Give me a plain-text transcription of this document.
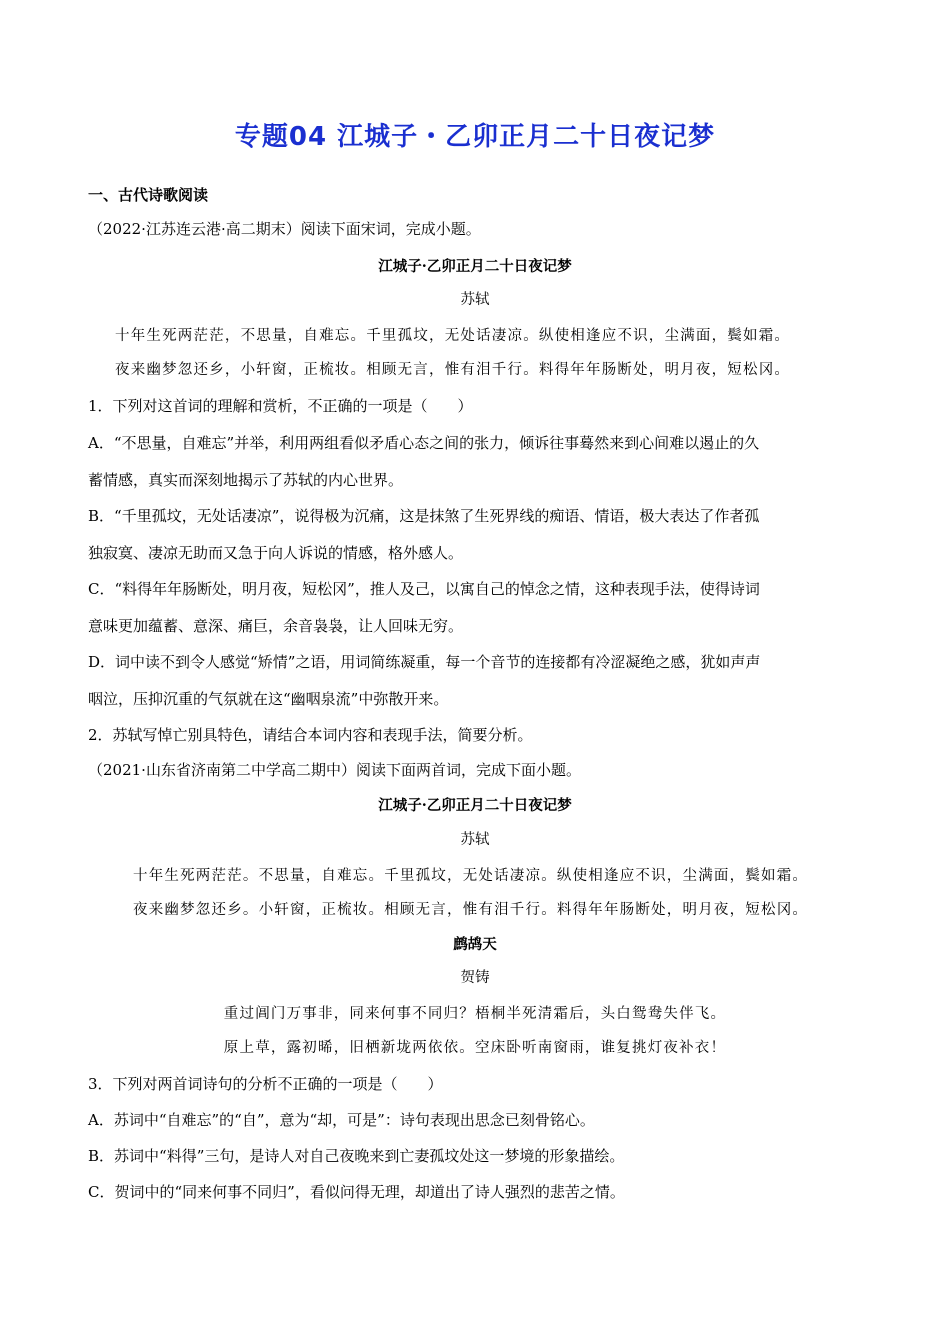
专题04 江城子・乙卯正月二十日夜记梦
一、古代诗歌阅读
（2022·江苏连云港·高二期末）阅读下面宋词，完成小题。
江城子·乙卯正月二十日夜记梦
苏轼
十年生死两茫茫，不思量，自难忘。千里孤坟，无处话凄凉。纵使相逢应不识，尘满面，鬓如霜。
夜来幽梦忽还乡，小轩窗，正梳妆。相顾无言，惟有泪千行。料得年年肠断处，明月夜，短松冈。
1．下列对这首词的理解和赏析，不正确的一项是（　　）
A．“不思量，自难忘”并举，利用两组看似矛盾心态之间的张力，倾诉往事蓦然来到心间难以遏止的久
蓄情感，真实而深刻地揭示了苏轼的内心世界。
B．“千里孤坟，无处话凄凉”，说得极为沉痛，这是抹煞了生死界线的痴语、情语，极大表达了作者孤
独寂寞、凄凉无助而又急于向人诉说的情感，格外感人。
C．“料得年年肠断处，明月夜，短松冈”，推人及己，以寓自己的悼念之情，这种表现手法，使得诗词
意味更加蕴蓄、意深、痛巨，余音袅袅，让人回味无穷。
D．词中读不到令人感觉“矫情”之语，用词简练凝重，每一个音节的连接都有冷涩凝绝之感，犹如声声
咽泣，压抑沉重的气氛就在这“幽咽泉流”中弥散开来。
2．苏轼写悼亡别具特色，请结合本词内容和表现手法，简要分析。
（2021·山东省济南第二中学高二期中）阅读下面两首词，完成下面小题。
江城子·乙卯正月二十日夜记梦
苏轼
十年生死两茫茫。不思量，自难忘。千里孤坟，无处话凄凉。纵使相逢应不识，尘满面，鬓如霜。
夜来幽梦忽还乡。小轩窗，正梳妆。相顾无言，惟有泪千行。料得年年肠断处，明月夜，短松冈。
鹧鸪天
贺铸
重过阊门万事非，同来何事不同归？梧桐半死清霜后，头白鸳鸯失伴飞。
原上草，露初晞，旧栖新垅两依依。空床卧听南窗雨，谁复挑灯夜补衣！
3．下列对两首词诗句的分析不正确的一项是（　　）
A．苏词中“自难忘”的“自”，意为“却，可是”：诗句表现出思念已刻骨铭心。
B．苏词中“料得”三句，是诗人对自己夜晚来到亡妻孤坟处这一梦境的形象描绘。
C．贺词中的“同来何事不同归”，看似问得无理，却道出了诗人强烈的悲苦之情。
